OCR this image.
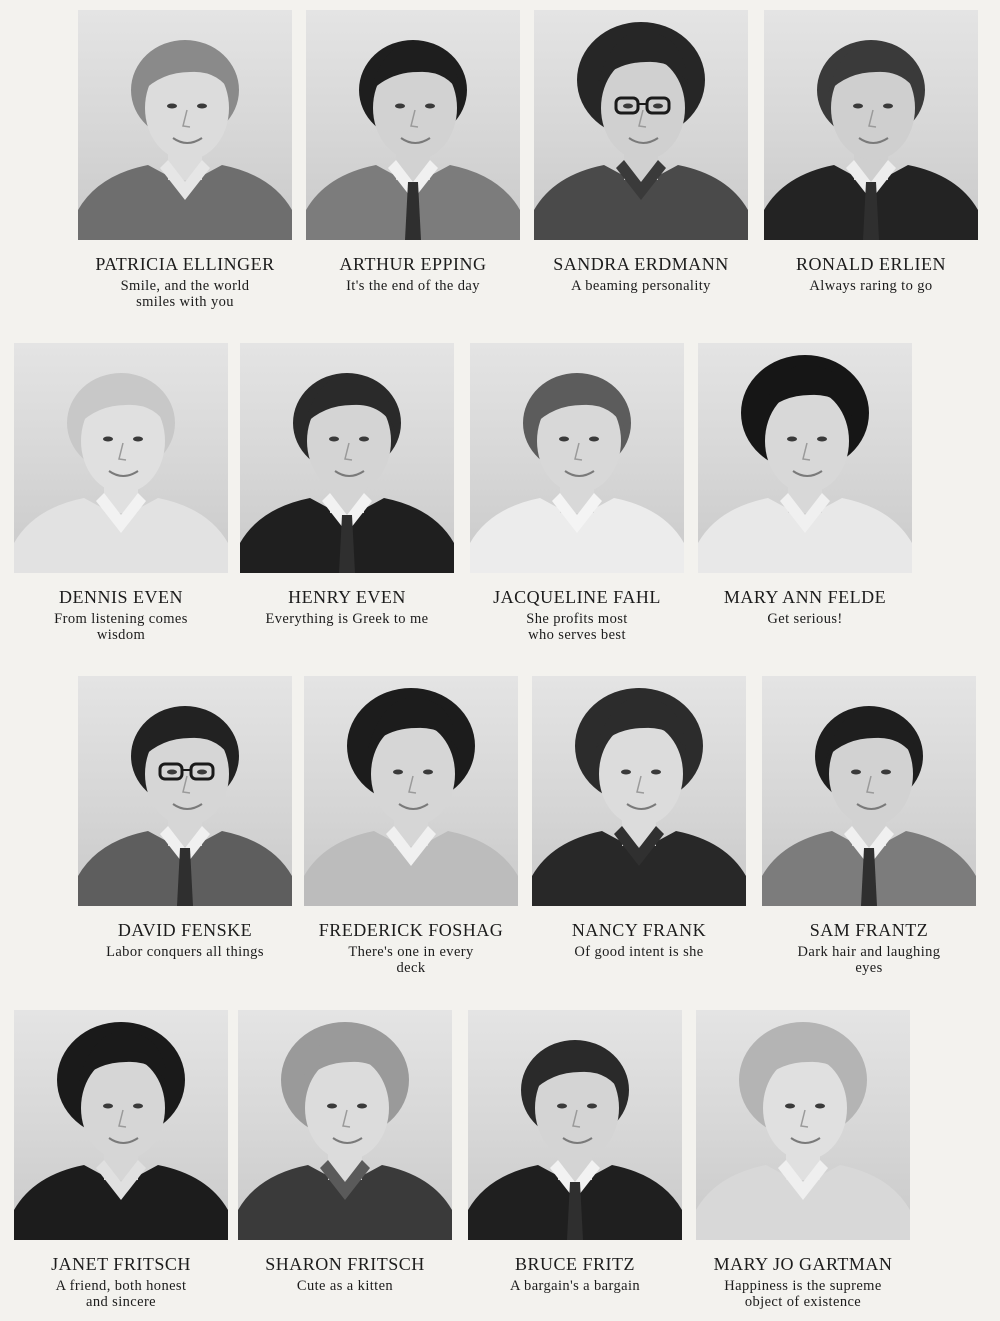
PATRICIA ELLINGER
Smile, and the world
smiles with you
ARTHUR EPPING
It's the end of the day
SANDRA ERDMANN
A beaming personality
RONALD ERLIEN
Always raring to go
DENNIS EVEN
From listening comes
wisdom
HENRY EVEN
Everything is Greek to me
JACQUELINE FAHL
She profits most
who serves best
MARY ANN FELDE
Get serious!
DAVID FENSKE
Labor conquers all things
FREDERICK FOSHAG
There's one in every
deck
NANCY FRANK
Of good intent is she
SAM FRANTZ
Dark hair and laughing
eyes
JANET FRITSCH
A friend, both honest
and sincere
SHARON FRITSCH
Cute as a kitten
BRUCE FRITZ
A bargain's a bargain
MARY JO GARTMAN
Happiness is the supreme
object of existence
